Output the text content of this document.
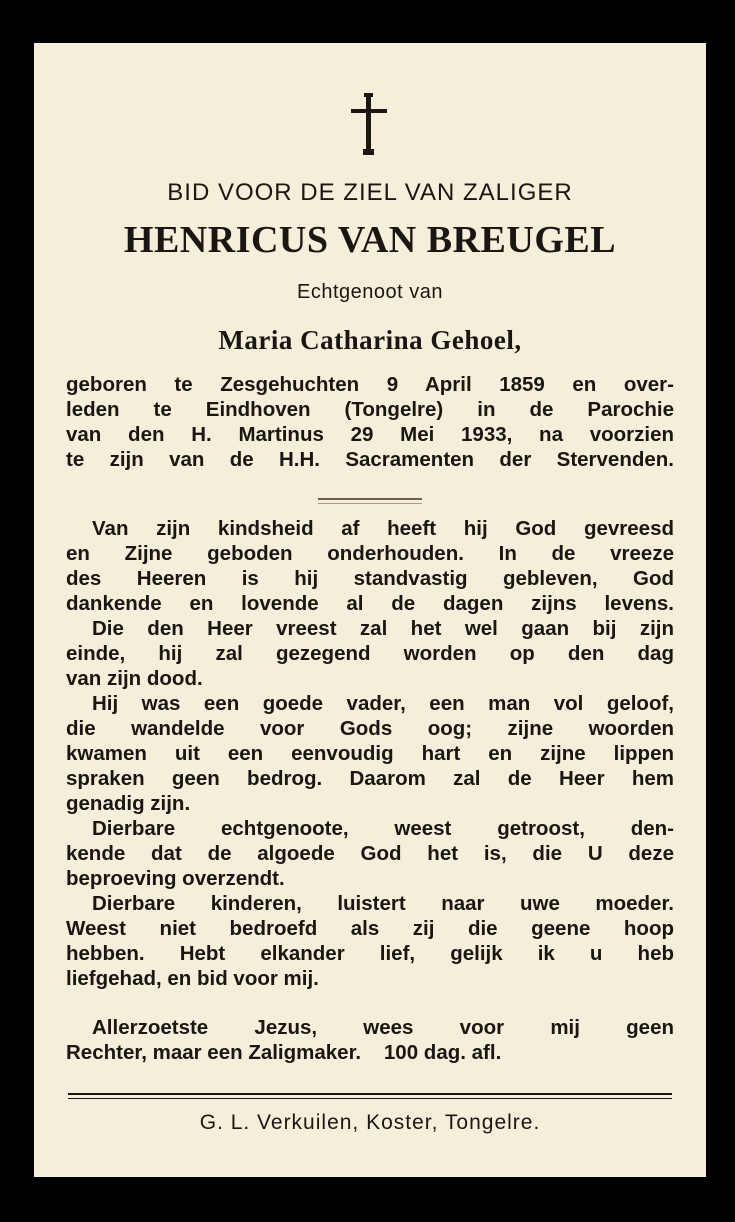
BID VOOR DE ZIEL VAN ZALIGER
HENRICUS VAN BREUGEL
Echtgenoot van
Maria Catharina Gehoel,
geboren te Zesgehuchten 9 April 1859 en over-
leden te Eindhoven (Tongelre) in de Parochie
van den H. Martinus 29 Mei 1933, na voorzien
te zijn van de H.H. Sacramenten der Stervenden.
Van zijn kindsheid af heeft hij God gevreesd
en Zijne geboden onderhouden. In de vreeze
des Heeren is hij standvastig gebleven, God
dankende en lovende al de dagen zijns levens.
Die den Heer vreest zal het wel gaan bij zijn
einde, hij zal gezegend worden op den dag
van zijn dood.
Hij was een goede vader, een man vol geloof,
die wandelde voor Gods oog; zijne woorden
kwamen uit een eenvoudig hart en zijne lippen
spraken geen bedrog. Daarom zal de Heer hem
genadig zijn.
Dierbare echtgenoote, weest getroost, den-
kende dat de algoede God het is, die U deze
beproeving overzendt.
Dierbare kinderen, luistert naar uwe moeder.
Weest niet bedroefd als zij die geene hoop
hebben. Hebt elkander lief, gelijk ik u heb
liefgehad, en bid voor mij.
Allerzoetste Jezus, wees voor mij geen
Rechter, maar een Zaligmaker.    100 dag. afl.
G. L. Verkuilen, Koster, Tongelre.
